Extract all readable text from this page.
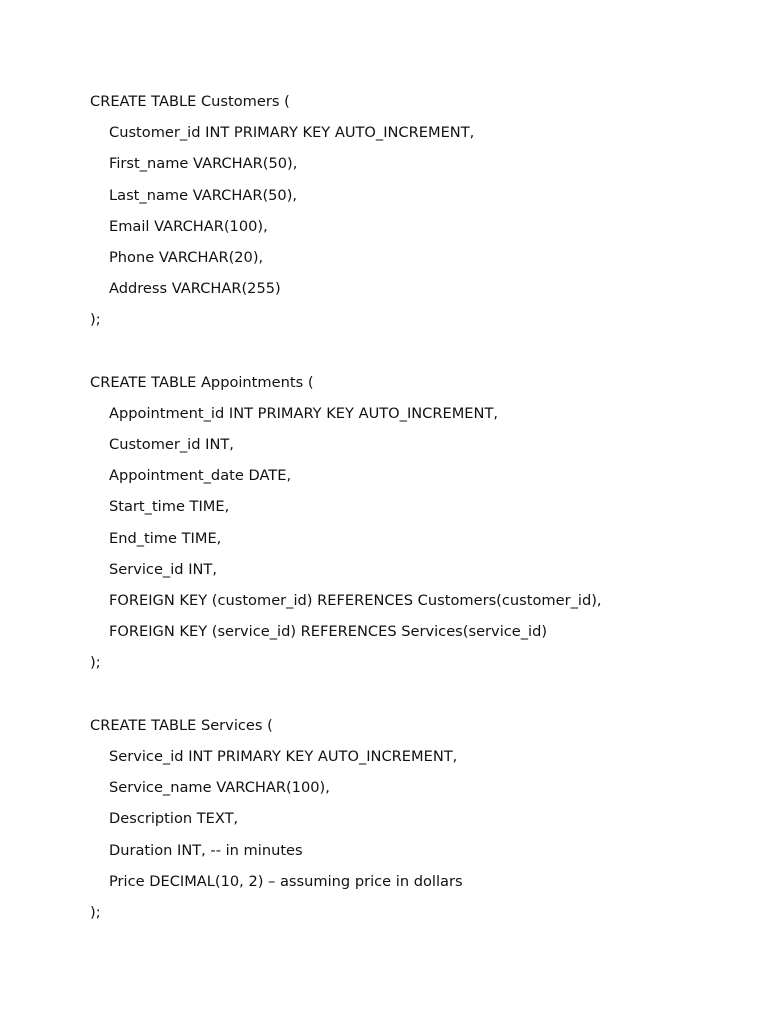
CREATE TABLE Customers (
Customer_id INT PRIMARY KEY AUTO_INCREMENT,
First_name VARCHAR(50),
Last_name VARCHAR(50),
Email VARCHAR(100),
Phone VARCHAR(20),
Address VARCHAR(255)
);
CREATE TABLE Appointments (
Appointment_id INT PRIMARY KEY AUTO_INCREMENT,
Customer_id INT,
Appointment_date DATE,
Start_time TIME,
End_time TIME,
Service_id INT,
FOREIGN KEY (customer_id) REFERENCES Customers(customer_id),
FOREIGN KEY (service_id) REFERENCES Services(service_id)
);
CREATE TABLE Services (
Service_id INT PRIMARY KEY AUTO_INCREMENT,
Service_name VARCHAR(100),
Description TEXT,
Duration INT, -- in minutes
Price DECIMAL(10, 2) – assuming price in dollars
);
